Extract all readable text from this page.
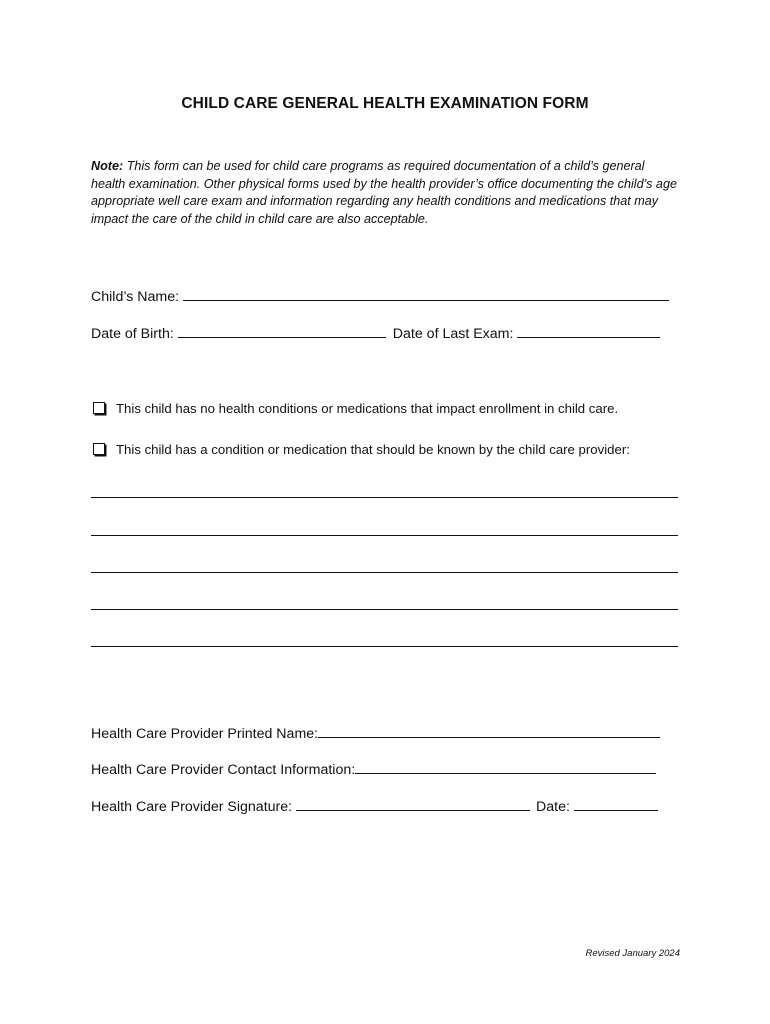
CHILD CARE GENERAL HEALTH EXAMINATION FORM
Note: This form can be used for child care programs as required documentation of a child’s general health examination. Other physical forms used by the health provider’s office documenting the child’s age appropriate well care exam and information regarding any health conditions and medications that may impact the care of the child in child care are also acceptable.
Child’s Name:
Date of Birth:	Date of Last Exam:
This child has no health conditions or medications that impact enrollment in child care.
This child has a condition or medication that should be known by the child care provider:
Health Care Provider Printed Name:
Health Care Provider Contact Information:
Health Care Provider Signature:	Date:
Revised January 2024
